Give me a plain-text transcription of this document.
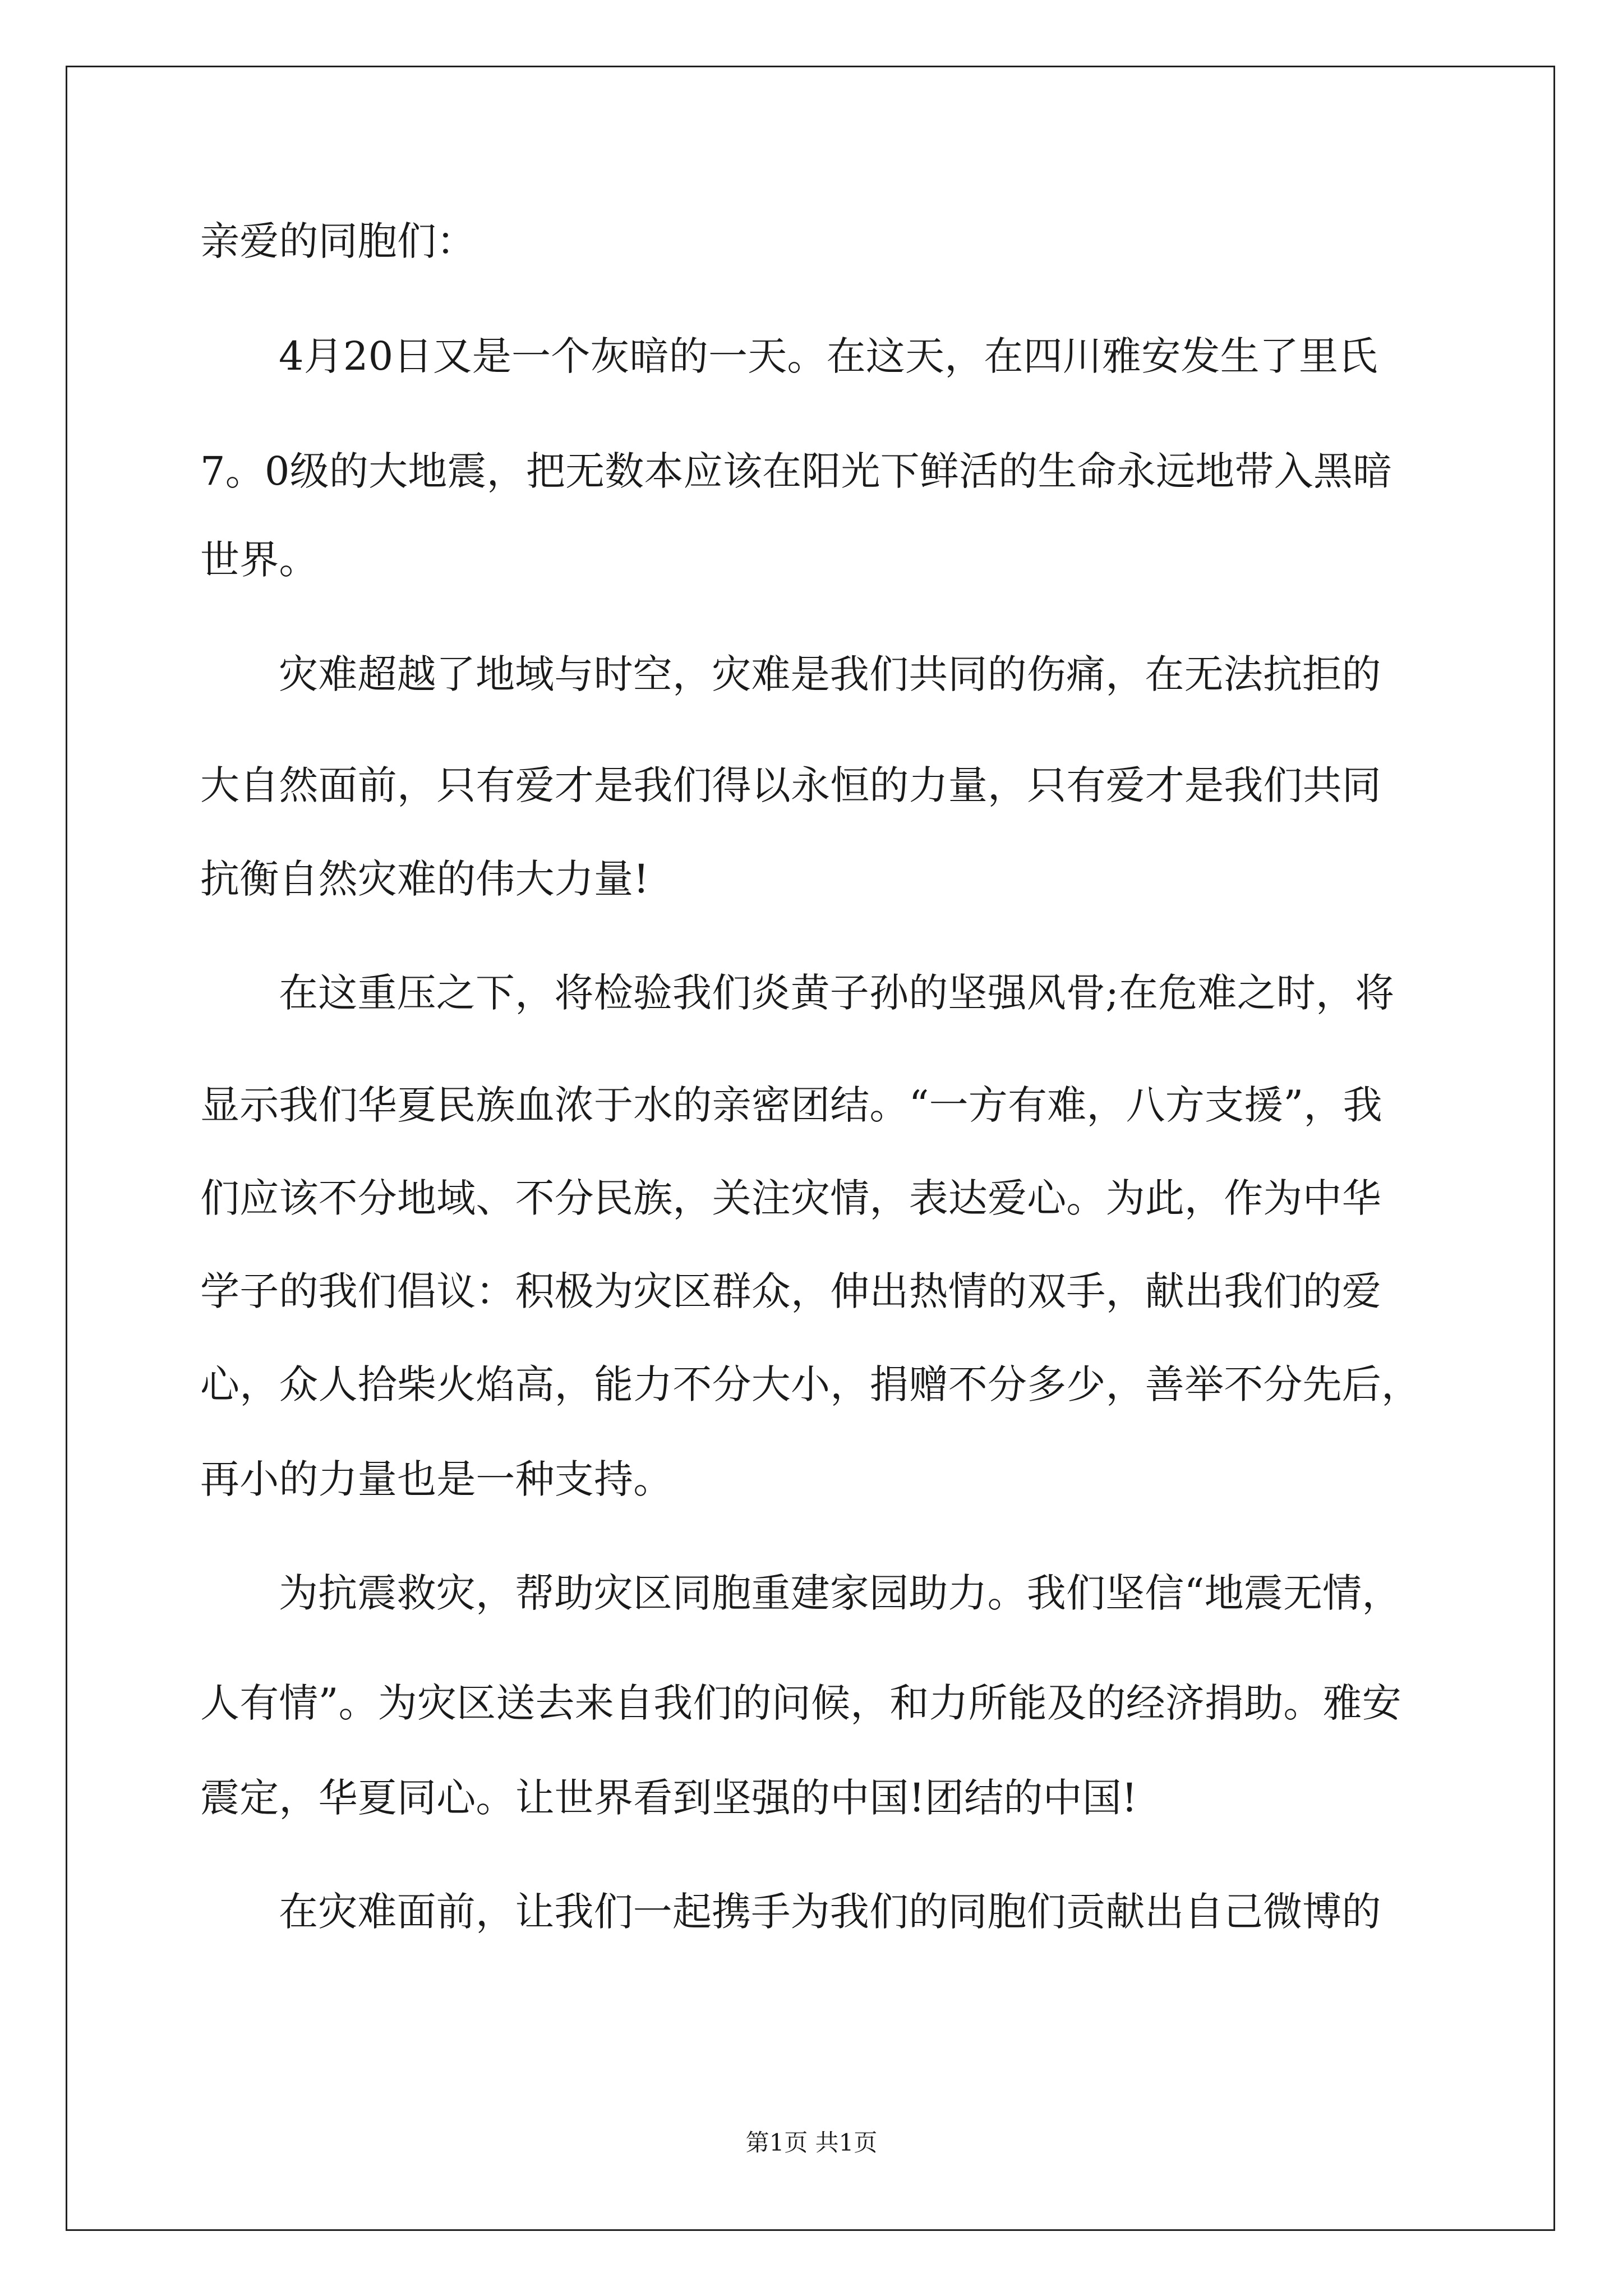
亲爱的同胞们：
4月20日又是一个灰暗的一天。在这天，在四川雅安发生了里氏
7。0级的大地震，把无数本应该在阳光下鲜活的生命永远地带入黑暗
世界。
灾难超越了地域与时空，灾难是我们共同的伤痛，在无法抗拒的
大自然面前，只有爱才是我们得以永恒的力量，只有爱才是我们共同
抗衡自然灾难的伟大力量!
在这重压之下，将检验我们炎黄子孙的坚强风骨;在危难之时，将
显示我们华夏民族血浓于水的亲密团结。“一方有难，八方支援”，我
们应该不分地域、不分民族，关注灾情，表达爱心。为此，作为中华
学子的我们倡议：积极为灾区群众，伸出热情的双手，献出我们的爱
心，众人拾柴火焰高，能力不分大小，捐赠不分多少，善举不分先后，
再小的力量也是一种支持。
为抗震救灾，帮助灾区同胞重建家园助力。我们坚信“地震无情，
人有情”。为灾区送去来自我们的问候，和力所能及的经济捐助。雅安
震定，华夏同心。让世界看到坚强的中国!团结的中国!
在灾难面前，让我们一起携手为我们的同胞们贡献出自己微博的
第1页 共1页
